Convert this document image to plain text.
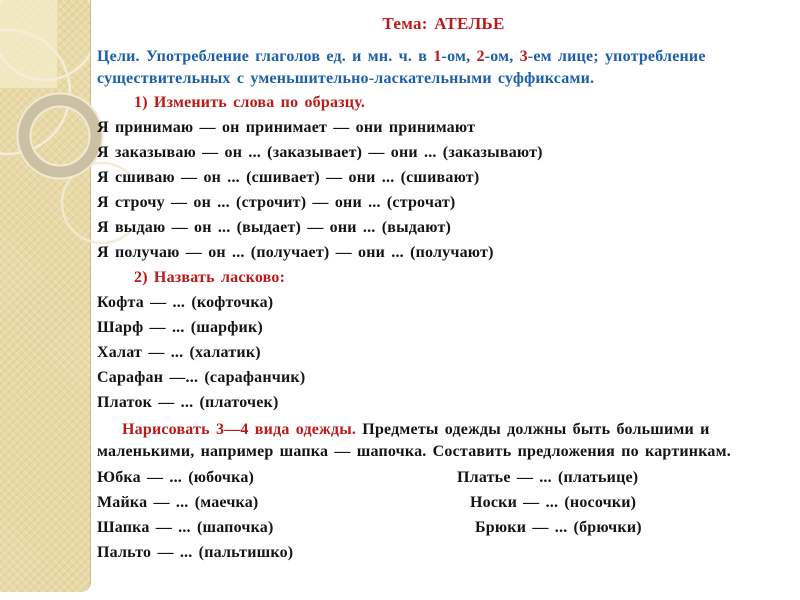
Тема: АТЕЛЬЕ

Цели. Употребление глаголов ед. и мн. ч. в 1-ом, 2-ом, 3-ем лице; употребление существительных с уменьшительно-ласкательными суффиксами.

1) Изменить слова по образцу.
Я принимаю — он принимает — они принимают
Я заказываю — он ... (заказывает) — они ... (заказывают)
Я сшиваю — он ... (сшивает) — они ... (сшивают)
Я строчу — он ... (строчит) — они ... (строчат)
Я выдаю — он ... (выдает) — они ... (выдают)
Я получаю — он ... (получает) — они ... (получают)
2) Назвать ласково:
Кофта — ... (кофточка)
Шарф — ... (шарфик)
Халат — ... (халатик)
Сарафан —... (сарафанчик)
Платок — ... (платочек)

Нарисовать 3—4 вида одежды. Предметы одежды должны быть большими и маленькими, например шапка — шапочка. Составить предложения по картинкам.

Юбка — ... (юбочка)	Платье — ... (платьице)
Майка — ... (маечка)	Носки — ... (носочки)
Шапка — ... (шапочка)	Брюки — ... (брючки)
Пальто — ... (пальтишко)
